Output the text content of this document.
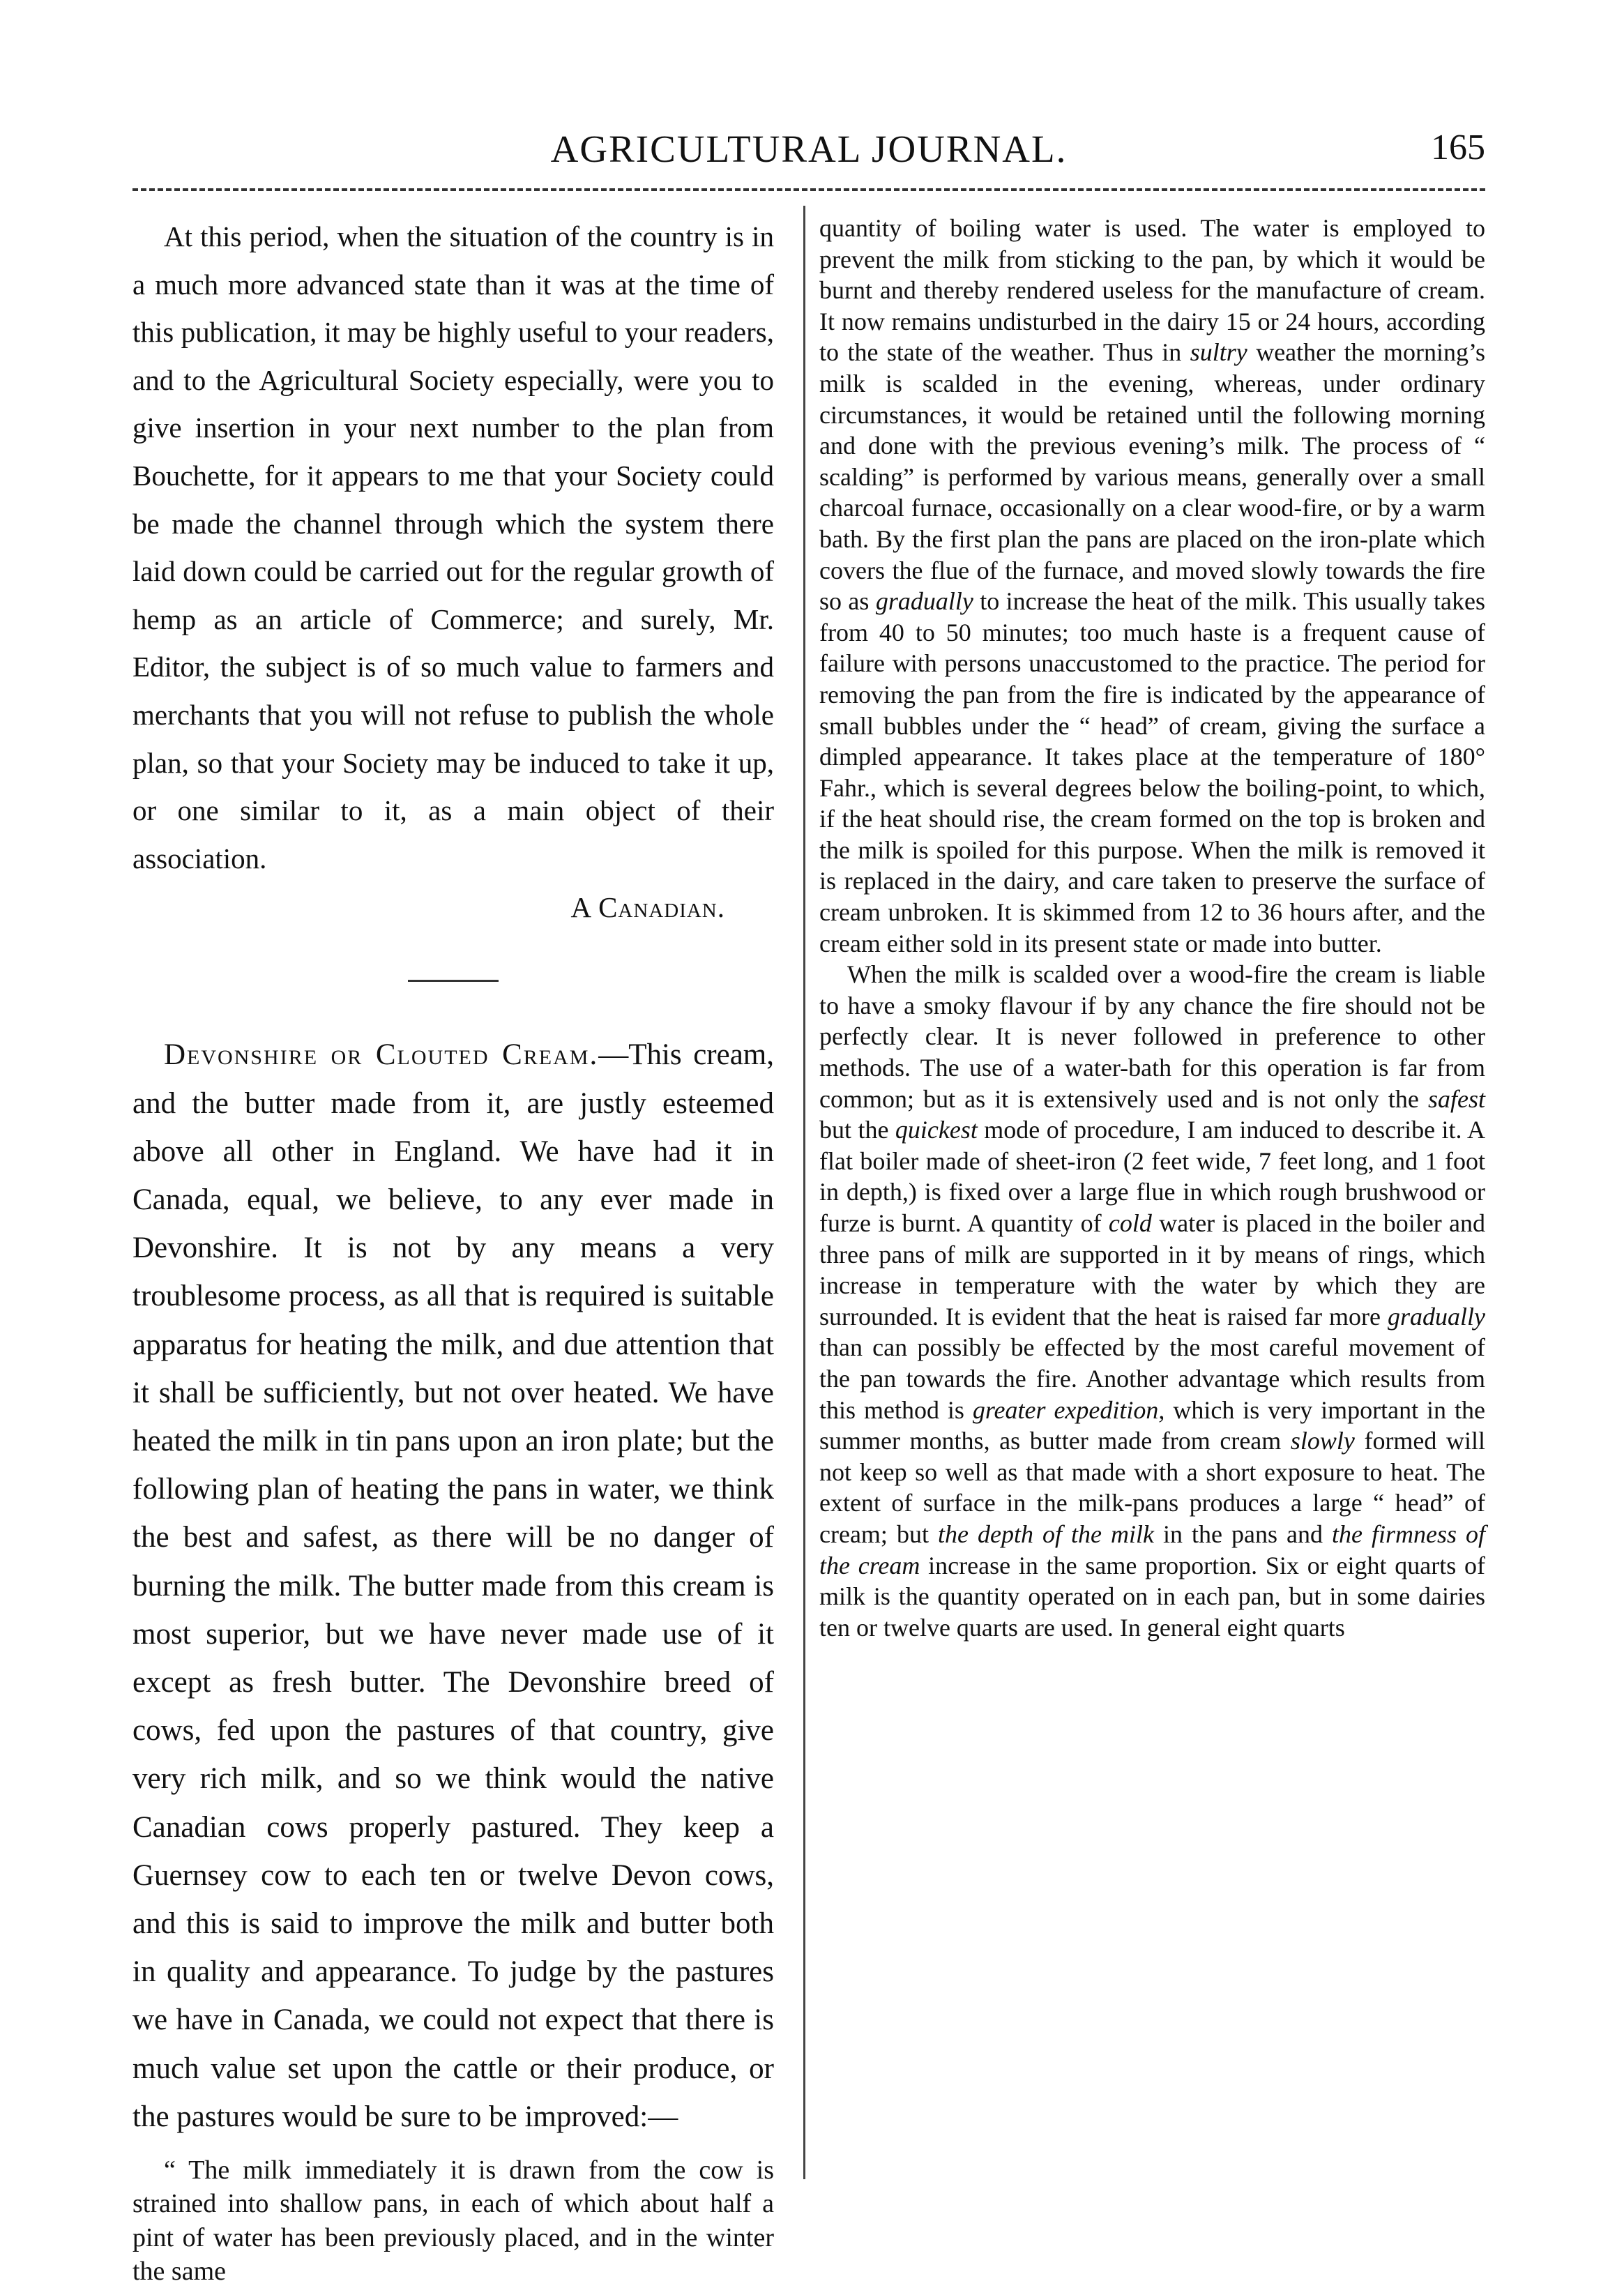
AGRICULTURAL JOURNAL.	165

At this period, when the situation of the country is in a much more advanced state than it was at the time of this publication, it may be highly useful to your readers, and to the Agricultural Society especially, were you to give insertion in your next number to the plan from Bouchette, for it appears to me that your Society could be made the channel through which the system there laid down could be carried out for the regular growth of hemp as an article of Commerce; and surely, Mr. Editor, the subject is of so much value to farmers and merchants that you will not refuse to publish the whole plan, so that your Society may be induced to take it up, or one similar to it, as a main object of their association.

A Canadian.

Devonshire or Clouted Cream.—This cream, and the butter made from it, are justly esteemed above all other in England. We have had it in Canada, equal, we believe, to any ever made in Devonshire. It is not by any means a very troublesome process, as all that is required is suitable apparatus for heating the milk, and due attention that it shall be sufficiently, but not over heated. We have heated the milk in tin pans upon an iron plate; but the following plan of heating the pans in water, we think the best and safest, as there will be no danger of burning the milk. The butter made from this cream is most superior, but we have never made use of it except as fresh butter. The Devonshire breed of cows, fed upon the pastures of that country, give very rich milk, and so we think would the native Canadian cows properly pastured. They keep a Guernsey cow to each ten or twelve Devon cows, and this is said to improve the milk and butter both in quality and appearance. To judge by the pastures we have in Canada, we could not expect that there is much value set upon the cattle or their produce, or the pastures would be sure to be improved:—

“ The milk immediately it is drawn from the cow is strained into shallow pans, in each of which about half a pint of water has been previously placed, and in the winter the same

quantity of boiling water is used. The water is employed to prevent the milk from sticking to the pan, by which it would be burnt and thereby rendered useless for the manufacture of cream. It now remains undisturbed in the dairy 15 or 24 hours, according to the state of the weather. Thus in sultry weather the morning’s milk is scalded in the evening, whereas, under ordinary circumstances, it would be retained until the following morning and done with the previous evening’s milk. The process of “ scalding” is performed by various means, generally over a small charcoal furnace, occasionally on a clear wood-fire, or by a warm bath. By the first plan the pans are placed on the iron-plate which covers the flue of the furnace, and moved slowly towards the fire so as gradually to increase the heat of the milk. This usually takes from 40 to 50 minutes; too much haste is a frequent cause of failure with persons unaccustomed to the practice. The period for removing the pan from the fire is indicated by the appearance of small bubbles under the “ head” of cream, giving the surface a dimpled appearance. It takes place at the temperature of 180° Fahr., which is several degrees below the boiling-point, to which, if the heat should rise, the cream formed on the top is broken and the milk is spoiled for this purpose. When the milk is removed it is replaced in the dairy, and care taken to preserve the surface of cream unbroken. It is skimmed from 12 to 36 hours after, and the cream either sold in its present state or made into butter.

When the milk is scalded over a wood-fire the cream is liable to have a smoky flavour if by any chance the fire should not be perfectly clear. It is never followed in preference to other methods. The use of a water-bath for this operation is far from common; but as it is extensively used and is not only the safest but the quickest mode of procedure, I am induced to describe it. A flat boiler made of sheet-iron (2 feet wide, 7 feet long, and 1 foot in depth,) is fixed over a large flue in which rough brushwood or furze is burnt. A quantity of cold water is placed in the boiler and three pans of milk are supported in it by means of rings, which increase in temperature with the water by which they are surrounded. It is evident that the heat is raised far more gradually than can possibly be effected by the most careful movement of the pan towards the fire. Another advantage which results from this method is greater expedition, which is very important in the summer months, as butter made from cream slowly formed will not keep so well as that made with a short exposure to heat. The extent of surface in the milk-pans produces a large “ head” of cream; but the depth of the milk in the pans and the firmness of the cream increase in the same proportion. Six or eight quarts of milk is the quantity operated on in each pan, but in some dairies ten or twelve quarts are used. In general eight quarts
